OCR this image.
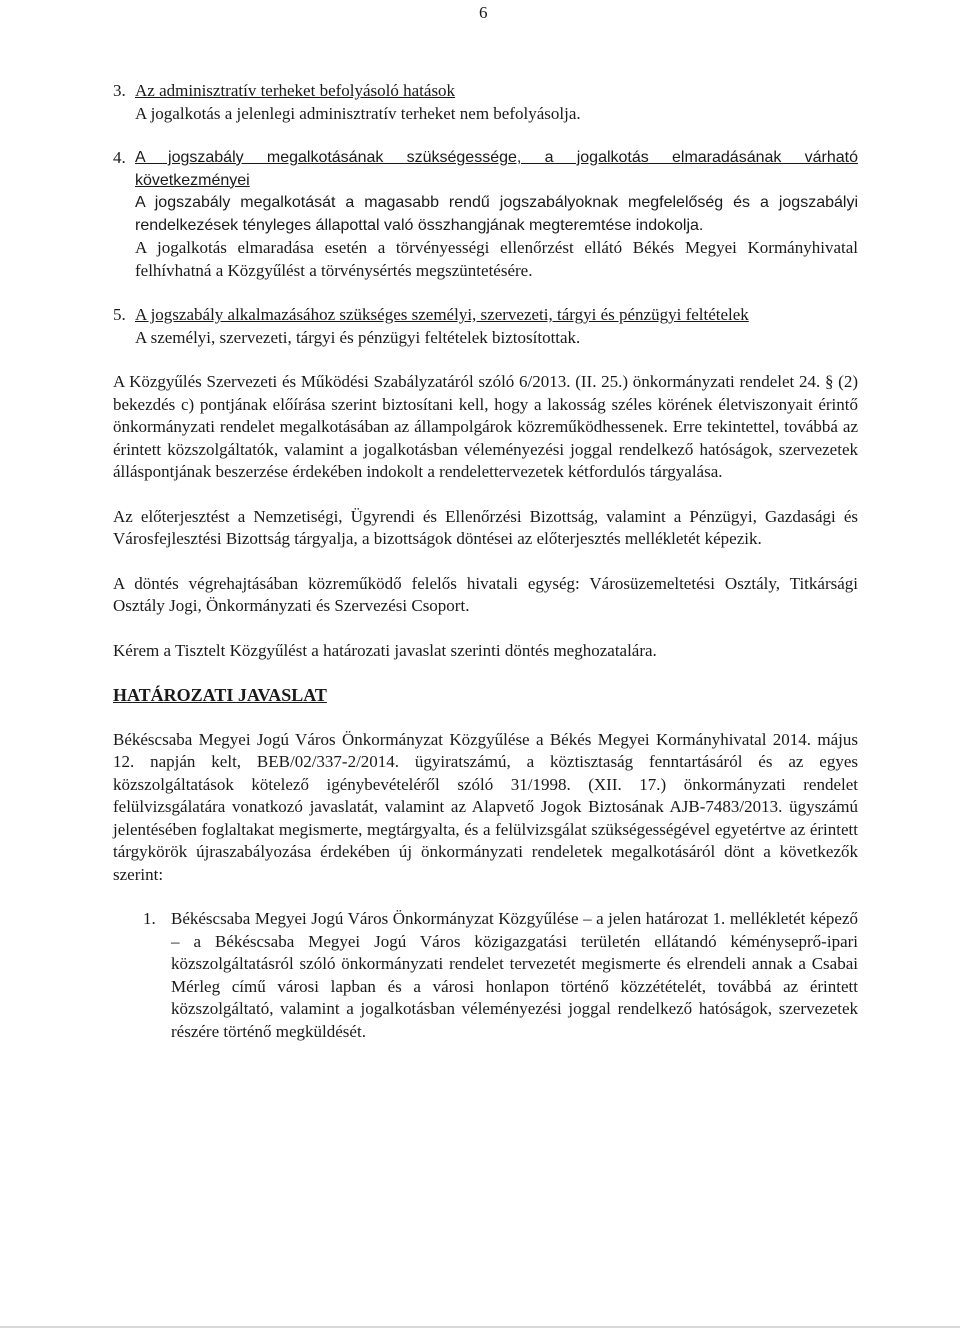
6
3. Az adminisztratív terheket befolyásoló hatások
A jogalkotás a jelenlegi adminisztratív terheket nem befolyásolja.
4. A jogszabály megalkotásának szükségessége, a jogalkotás elmaradásának várható
következményei
A jogszabály megalkotását a magasabb rendű jogszabályoknak megfelelőség és a jogszabályi rendelkezések tényleges állapottal való összhangjának megteremtése indokolja.
A jogalkotás elmaradása esetén a törvényességi ellenőrzést ellátó Békés Megyei Kormányhivatal felhívhatná a Közgyűlést a törvénysértés megszüntetésére.
5. A jogszabály alkalmazásához szükséges személyi, szervezeti, tárgyi és pénzügyi feltételek
A személyi, szervezeti, tárgyi és pénzügyi feltételek biztosítottak.

A Közgyűlés Szervezeti és Működési Szabályzatáról szóló 6/2013. (II. 25.) önkormányzati rendelet 24. § (2) bekezdés c) pontjának előírása szerint biztosítani kell, hogy a lakosság széles körének életviszonyait érintő önkormányzati rendelet megalkotásában az állampolgárok közreműködhessenek. Erre tekintettel, továbbá az érintett közszolgáltatók, valamint a jogalkotásban véleményezési joggal rendelkező hatóságok, szervezetek álláspontjának beszerzése érdekében indokolt a rendelettervezetek kétfordulós tárgyalása.

Az előterjesztést a Nemzetiségi, Ügyrendi és Ellenőrzési Bizottság, valamint a Pénzügyi, Gazdasági és Városfejlesztési Bizottság tárgyalja, a bizottságok döntései az előterjesztés mellékletét képezik.

A döntés végrehajtásában közreműködő felelős hivatali egység: Városüzemeltetési Osztály, Titkársági Osztály Jogi, Önkormányzati és Szervezési Csoport.

Kérem a Tisztelt Közgyűlést a határozati javaslat szerinti döntés meghozatalára.

HATÁROZATI JAVASLAT

Békéscsaba Megyei Jogú Város Önkormányzat Közgyűlése a Békés Megyei Kormányhivatal 2014. május 12. napján kelt, BEB/02/337-2/2014. ügyiratszámú, a köztisztaság fenntartásáról és az egyes közszolgáltatások kötelező igénybevételéről szóló 31/1998. (XII. 17.) önkormányzati rendelet felülvizsgálatára vonatkozó javaslatát, valamint az Alapvető Jogok Biztosának AJB-7483/2013. ügyszámú jelentésében foglaltakat megismerte, megtárgyalta, és a felülvizsgálat szükségességével egyetértve az érintett tárgykörök újraszabályozása érdekében új önkormányzati rendeletek megalkotásáról dönt a következők szerint:

1. Békéscsaba Megyei Jogú Város Önkormányzat Közgyűlése – a jelen határozat 1. mellékletét képező – a Békéscsaba Megyei Jogú Város közigazgatási területén ellátandó kéményseprő-ipari közszolgáltatásról szóló önkormányzati rendelet tervezetét megismerte és elrendeli annak a Csabai Mérleg című városi lapban és a városi honlapon történő közzétételét, továbbá az érintett közszolgáltató, valamint a jogalkotásban véleményezési joggal rendelkező hatóságok, szervezetek részére történő megküldését.
